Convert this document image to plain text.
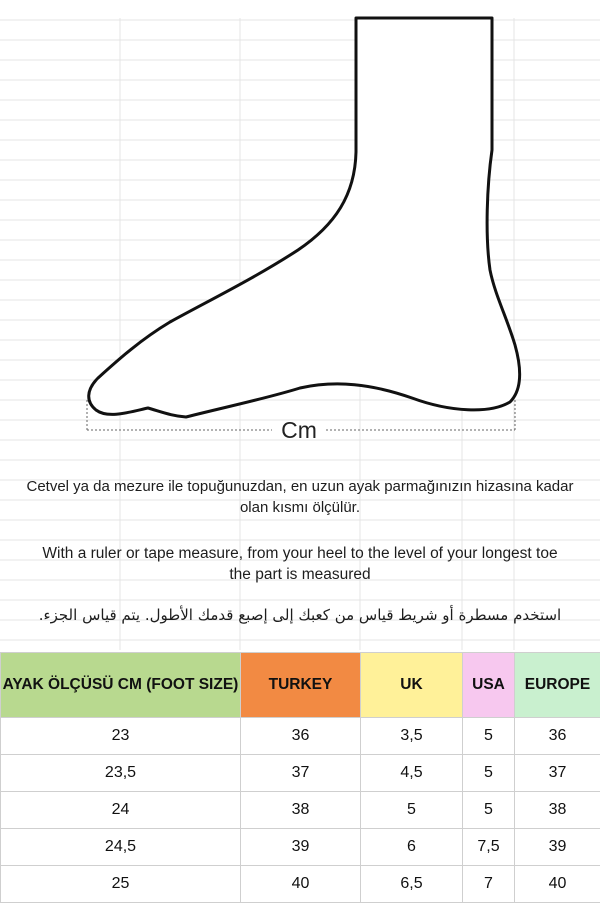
Cm
Cetvel ya da mezure ile topuğunuzdan, en uzun ayak parmağınızın hizasına kadar
olan kısmı ölçülür.
With a ruler or tape measure, from your heel to the level of your longest toe
the part is measured
استخدم مسطرة أو شريط قياس من كعبك إلى إصبع قدمك الأطول. يتم قياس الجزء.
AYAK ÖLÇÜSÜ CM (FOOT SIZE)	TURKEY	UK	USA	EUROPE
23	36	3,5	5	36
23,5	37	4,5	5	37
24	38	5	5	38
24,5	39	6	7,5	39
25	40	6,5	7	40
